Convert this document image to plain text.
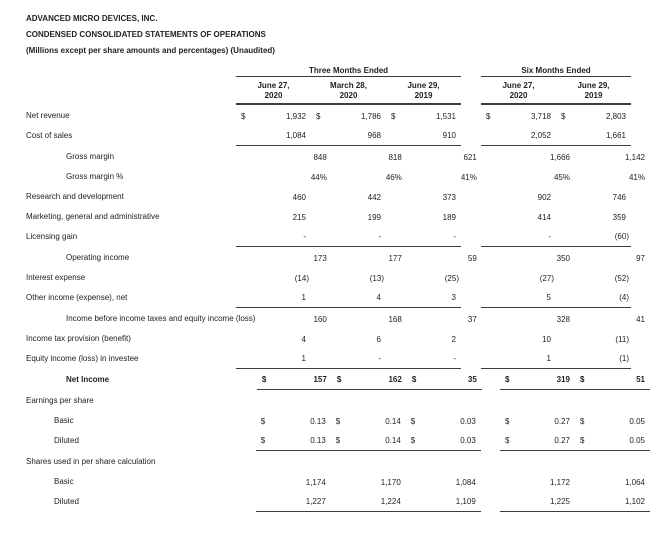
ADVANCED MICRO DEVICES, INC.
CONDENSED CONSOLIDATED STATEMENTS OF OPERATIONS
(Millions except per share amounts and percentages) (Unaudited)
Three Months Ended	Six Months Ended
June 27,
2020
March 28,
2020
June 29,
2019
June 27,
2020
June 29,
2019
Net revenue	$	1,932	$	1,786	$	1,531	$	3,718	$	2,803
Cost of sales	1,084	968	910	2,052	1,661
Gross margin	848	818	621	1,666	1,142
Gross margin %	44%	46%	41%	45%	41%
Research and development	460	442	373	902	746
Marketing, general and administrative	215	199	189	414	359
Licensing gain	-	-	-	-	(60)
Operating income	173	177	59	350	97
Interest expense	(14)	(13)	(25)	(27)	(52)
Other income (expense), net	1	4	3	5	(4)
Income before income taxes and equity income (loss)	160	168	37	328	41
Income tax provision (benefit)	4	6	2	10	(11)
Equity income (loss) in investee	1	-	-	1	(1)
Net Income	$	157	$	162	$	35	$	319	$	51
Earnings per share
Basic	$	0.13	$	0.14	$	0.03	$	0.27	$	0.05
Diluted	$	0.13	$	0.14	$	0.03	$	0.27	$	0.05
Shares used in per share calculation
Basic	1,174	1,170	1,084	1,172	1,064
Diluted	1,227	1,224	1,109	1,225	1,102
